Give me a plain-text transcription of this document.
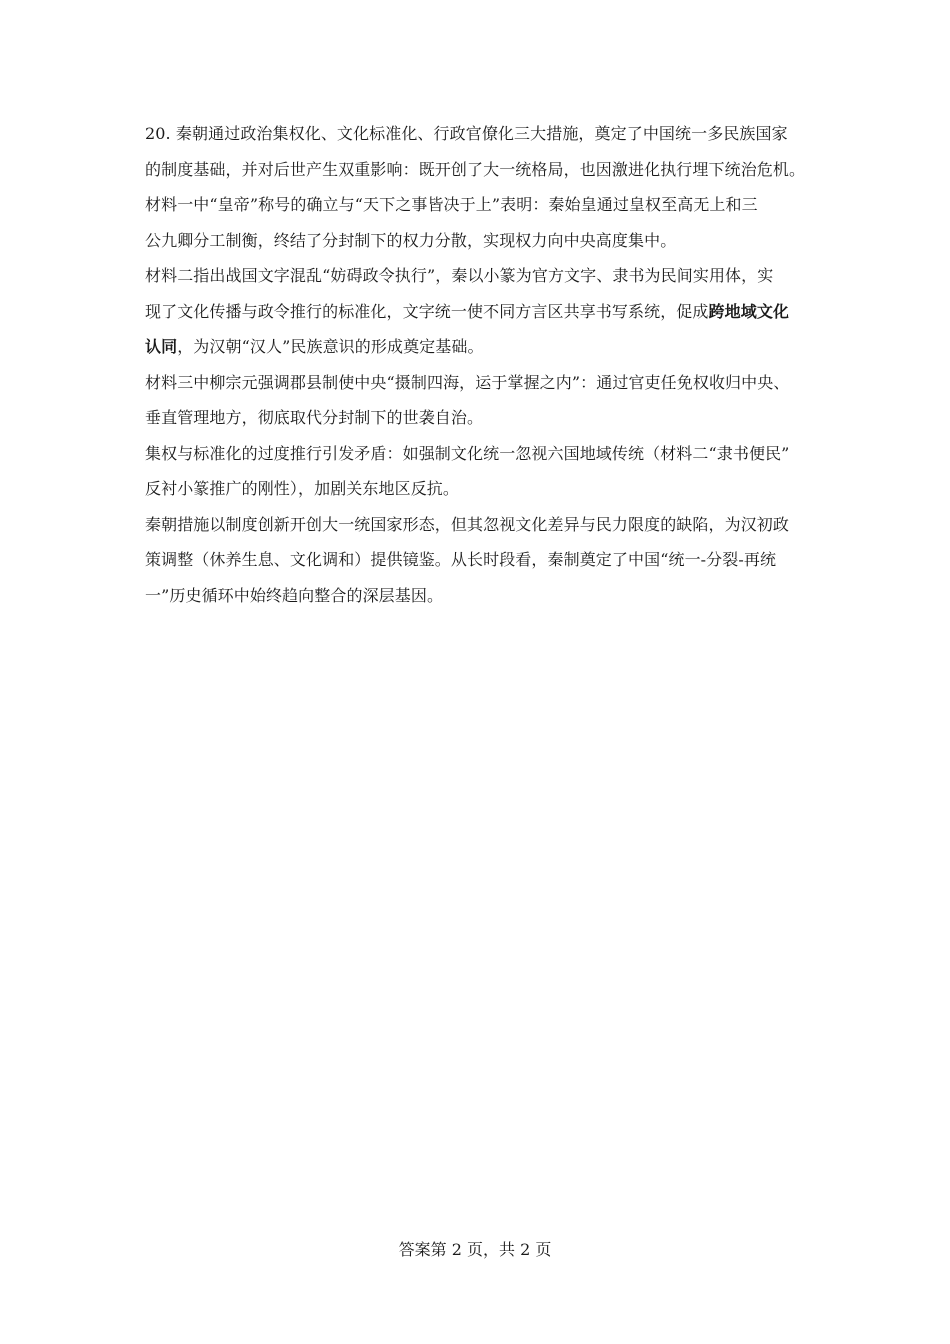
20. 秦朝通过政治集权化、文化标准化、行政官僚化三大措施，奠定了中国统一多民族国家
的制度基础，并对后世产生双重影响：既开创了大一统格局，也因激进化执行埋下统治危机。
材料一中“皇帝”称号的确立与“天下之事皆决于上”表明：秦始皇通过皇权至高无上和三
公九卿分工制衡，终结了分封制下的权力分散，实现权力向中央高度集中。
材料二指出战国文字混乱“妨碍政令执行”，秦以小篆为官方文字、隶书为民间实用体，实
现了文化传播与政令推行的标准化，文字统一使不同方言区共享书写系统，促成跨地域文化
认同，为汉朝“汉人”民族意识的形成奠定基础。
材料三中柳宗元强调郡县制使中央“摄制四海，运于掌握之内”：通过官吏任免权收归中央、
垂直管理地方，彻底取代分封制下的世袭自治。
集权与标准化的过度推行引发矛盾：如强制文化统一忽视六国地域传统（材料二“隶书便民”
反衬小篆推广的刚性），加剧关东地区反抗。
秦朝措施以制度创新开创大一统国家形态，但其忽视文化差异与民力限度的缺陷，为汉初政
策调整（休养生息、文化调和）提供镜鉴。从长时段看，秦制奠定了中国“统一-分裂-再统
一”历史循环中始终趋向整合的深层基因。
答案第 2 页，共 2 页
